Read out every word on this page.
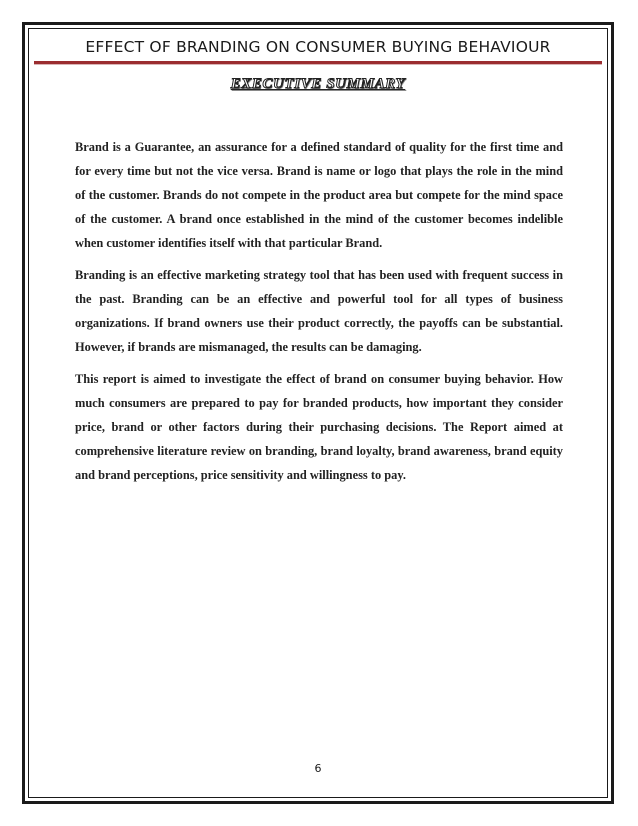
EFFECT OF BRANDING ON CONSUMER BUYING BEHAVIOUR
EXECUTIVE SUMMARY

Brand is a Guarantee, an assurance for a defined standard of quality for the first time and for every time but not the vice versa. Brand is name or logo that plays the role in the mind of the customer. Brands do not compete in the product area but compete for the mind space of the customer. A brand once established in the mind of the customer becomes indelible when customer identifies itself with that particular Brand.

Branding is an effective marketing strategy tool that has been used with frequent success in the past. Branding can be an effective and powerful tool for all types of business organizations. If brand owners use their product correctly, the payoffs can be substantial. However, if brands are mismanaged, the results can be damaging.

This report is aimed to investigate the effect of brand on consumer buying behavior. How much consumers are prepared to pay for branded products, how important they consider price, brand or other factors during their purchasing decisions. The Report aimed at comprehensive literature review on branding, brand loyalty, brand awareness, brand equity and brand perceptions, price sensitivity and willingness to pay.

6
